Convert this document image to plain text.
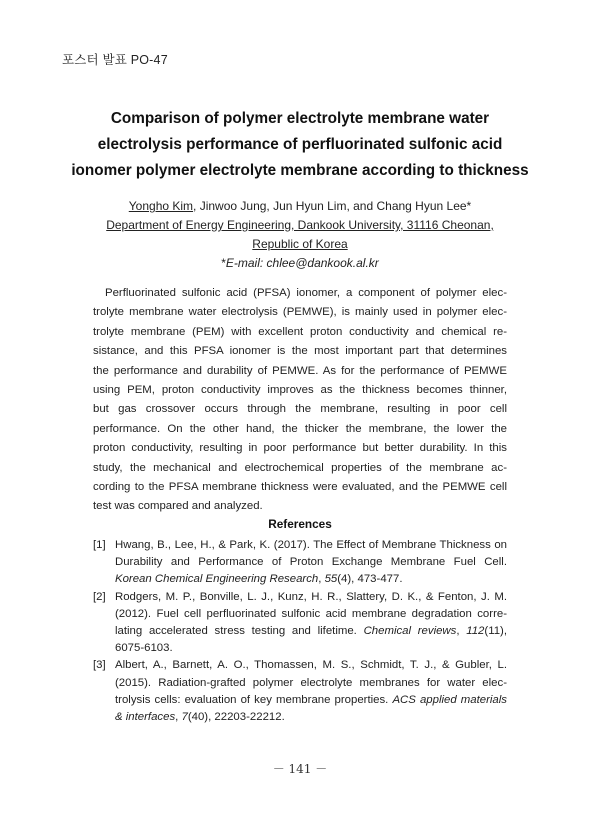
포스터 발표 PO-47
Comparison of polymer electrolyte membrane water
electrolysis performance of perfluorinated sulfonic acid
ionomer polymer electrolyte membrane according to thickness
Yongho Kim, Jinwoo Jung, Jun Hyun Lim, and Chang Hyun Lee*
Department of Energy Engineering, Dankook University, 31116 Cheonan,
Republic of Korea
*E-mail: chlee@dankook.al.kr
Perfluorinated sulfonic acid (PFSA) ionomer, a component of polymer elec-
trolyte membrane water electrolysis (PEMWE), is mainly used in polymer elec-
trolyte membrane (PEM) with excellent proton conductivity and chemical re-
sistance, and this PFSA ionomer is the most important part that determines
the performance and durability of PEMWE. As for the performance of PEMWE
using PEM, proton conductivity improves as the thickness becomes thinner,
but gas crossover occurs through the membrane, resulting in poor cell
performance. On the other hand, the thicker the membrane, the lower the
proton conductivity, resulting in poor performance but better durability. In this
study, the mechanical and electrochemical properties of the membrane ac-
cording to the PFSA membrane thickness were evaluated, and the PEMWE cell
test was compared and analyzed.
References
[1] Hwang, B., Lee, H., & Park, K. (2017). The Effect of Membrane Thickness on
Durability and Performance of Proton Exchange Membrane Fuel Cell.
Korean Chemical Engineering Research, 55(4), 473-477.
[2] Rodgers, M. P., Bonville, L. J., Kunz, H. R., Slattery, D. K., & Fenton, J. M.
(2012). Fuel cell perfluorinated sulfonic acid membrane degradation corre-
lating accelerated stress testing and lifetime. Chemical reviews, 112(11),
6075-6103.
[3] Albert, A., Barnett, A. O., Thomassen, M. S., Schmidt, T. J., & Gubler, L.
(2015). Radiation-grafted polymer electrolyte membranes for water elec-
trolysis cells: evaluation of key membrane properties. ACS applied materials
& interfaces, 7(40), 22203-22212.
－ 141 －
